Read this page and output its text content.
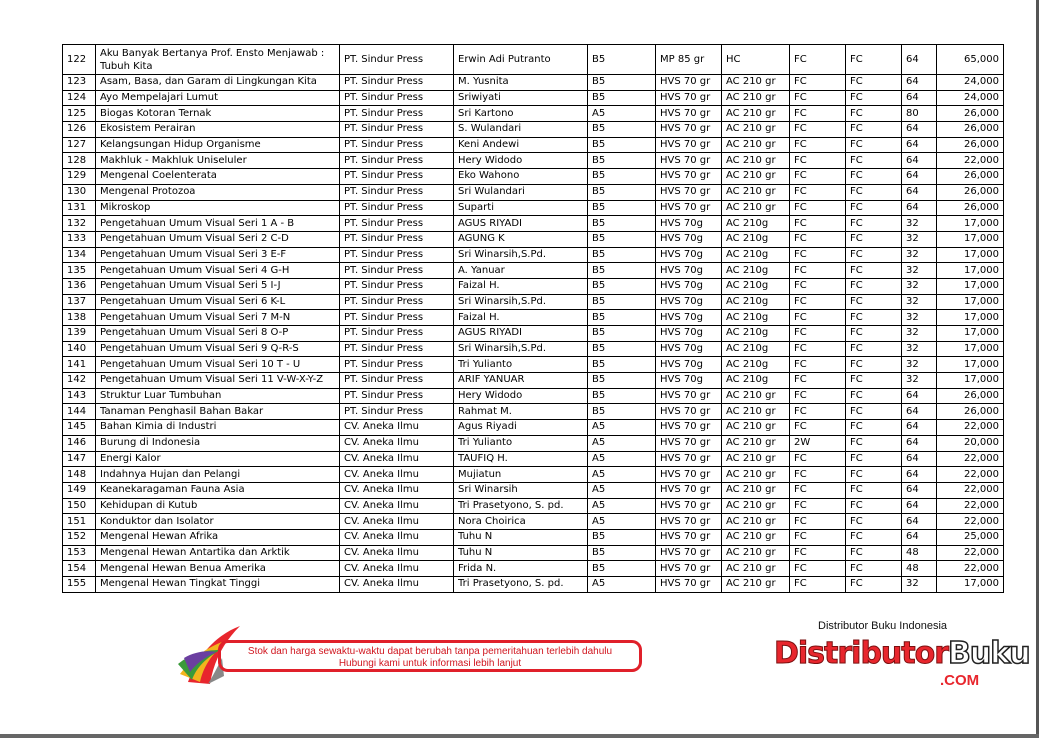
122	Aku Banyak Bertanya Prof. Ensto Menjawab : Tubuh Kita	PT. Sindur Press	Erwin Adi Putranto	B5	MP 85 gr	HC	FC	FC	64	65,000
123	Asam, Basa, dan Garam di Lingkungan Kita	PT. Sindur Press	M. Yusnita	B5	HVS 70 gr	AC 210 gr	FC	FC	64	24,000
124	Ayo Mempelajari Lumut	PT. Sindur Press	Sriwiyati	B5	HVS 70 gr	AC 210 gr	FC	FC	64	24,000
125	Biogas Kotoran Ternak	PT. Sindur Press	Sri Kartono	A5	HVS 70 gr	AC 210 gr	FC	FC	80	26,000
126	Ekosistem Perairan	PT. Sindur Press	S. Wulandari	B5	HVS 70 gr	AC 210 gr	FC	FC	64	26,000
127	Kelangsungan Hidup Organisme	PT. Sindur Press	Keni Andewi	B5	HVS 70 gr	AC 210 gr	FC	FC	64	26,000
128	Makhluk - Makhluk Uniseluler	PT. Sindur Press	Hery Widodo	B5	HVS 70 gr	AC 210 gr	FC	FC	64	22,000
129	Mengenal Coelenterata	PT. Sindur Press	Eko Wahono	B5	HVS 70 gr	AC 210 gr	FC	FC	64	26,000
130	Mengenal Protozoa	PT. Sindur Press	Sri Wulandari	B5	HVS 70 gr	AC 210 gr	FC	FC	64	26,000
131	Mikroskop	PT. Sindur Press	Suparti	B5	HVS 70 gr	AC 210 gr	FC	FC	64	26,000
132	Pengetahuan Umum Visual Seri 1 A - B	PT. Sindur Press	AGUS RIYADI	B5	HVS 70g	AC 210g	FC	FC	32	17,000
133	Pengetahuan Umum Visual Seri 2 C-D	PT. Sindur Press	AGUNG K	B5	HVS 70g	AC 210g	FC	FC	32	17,000
134	Pengetahuan Umum Visual Seri 3 E-F	PT. Sindur Press	Sri Winarsih,S.Pd.	B5	HVS 70g	AC 210g	FC	FC	32	17,000
135	Pengetahuan Umum Visual Seri 4 G-H	PT. Sindur Press	A. Yanuar	B5	HVS 70g	AC 210g	FC	FC	32	17,000
136	Pengetahuan Umum Visual Seri 5 I-J	PT. Sindur Press	Faizal H.	B5	HVS 70g	AC 210g	FC	FC	32	17,000
137	Pengetahuan Umum Visual Seri 6 K-L	PT. Sindur Press	Sri Winarsih,S.Pd.	B5	HVS 70g	AC 210g	FC	FC	32	17,000
138	Pengetahuan Umum Visual Seri 7 M-N	PT. Sindur Press	Faizal H.	B5	HVS 70g	AC 210g	FC	FC	32	17,000
139	Pengetahuan Umum Visual Seri 8 O-P	PT. Sindur Press	AGUS RIYADI	B5	HVS 70g	AC 210g	FC	FC	32	17,000
140	Pengetahuan Umum Visual Seri 9 Q-R-S	PT. Sindur Press	Sri Winarsih,S.Pd.	B5	HVS 70g	AC 210g	FC	FC	32	17,000
141	Pengetahuan Umum Visual Seri 10 T - U	PT. Sindur Press	Tri Yulianto	B5	HVS 70g	AC 210g	FC	FC	32	17,000
142	Pengetahuan Umum Visual Seri 11 V-W-X-Y-Z	PT. Sindur Press	ARIF YANUAR	B5	HVS 70g	AC 210g	FC	FC	32	17,000
143	Struktur Luar Tumbuhan	PT. Sindur Press	Hery Widodo	B5	HVS 70 gr	AC 210 gr	FC	FC	64	26,000
144	Tanaman Penghasil Bahan Bakar	PT. Sindur Press	Rahmat M.	B5	HVS 70 gr	AC 210 gr	FC	FC	64	26,000
145	Bahan Kimia di Industri	CV. Aneka Ilmu	Agus Riyadi	A5	HVS 70 gr	AC 210 gr	FC	FC	64	22,000
146	Burung di Indonesia	CV. Aneka Ilmu	Tri Yulianto	A5	HVS 70 gr	AC 210 gr	2W	FC	64	20,000
147	Energi Kalor	CV. Aneka Ilmu	TAUFIQ H.	A5	HVS 70 gr	AC 210 gr	FC	FC	64	22,000
148	Indahnya Hujan dan Pelangi	CV. Aneka Ilmu	Mujiatun	A5	HVS 70 gr	AC 210 gr	FC	FC	64	22,000
149	Keanekaragaman Fauna Asia	CV. Aneka Ilmu	Sri Winarsih	A5	HVS 70 gr	AC 210 gr	FC	FC	64	22,000
150	Kehidupan di Kutub	CV. Aneka Ilmu	Tri Prasetyono, S. pd.	A5	HVS 70 gr	AC 210 gr	FC	FC	64	22,000
151	Konduktor dan Isolator	CV. Aneka Ilmu	Nora Choirica	A5	HVS 70 gr	AC 210 gr	FC	FC	64	22,000
152	Mengenal Hewan Afrika	CV. Aneka Ilmu	Tuhu N	B5	HVS 70 gr	AC 210 gr	FC	FC	64	25,000
153	Mengenal Hewan Antartika dan Arktik	CV. Aneka Ilmu	Tuhu N	B5	HVS 70 gr	AC 210 gr	FC	FC	48	22,000
154	Mengenal Hewan Benua Amerika	CV. Aneka Ilmu	Frida N.	B5	HVS 70 gr	AC 210 gr	FC	FC	48	22,000
155	Mengenal Hewan Tingkat Tinggi	CV. Aneka Ilmu	Tri Prasetyono, S. pd.	A5	HVS 70 gr	AC 210 gr	FC	FC	32	17,000
Stok dan harga sewaktu-waktu dapat berubah tanpa pemeritahuan terlebih dahulu
Hubungi kami untuk informasi lebih lanjut
Distributor Buku Indonesia
DistributorBuku
.COM
